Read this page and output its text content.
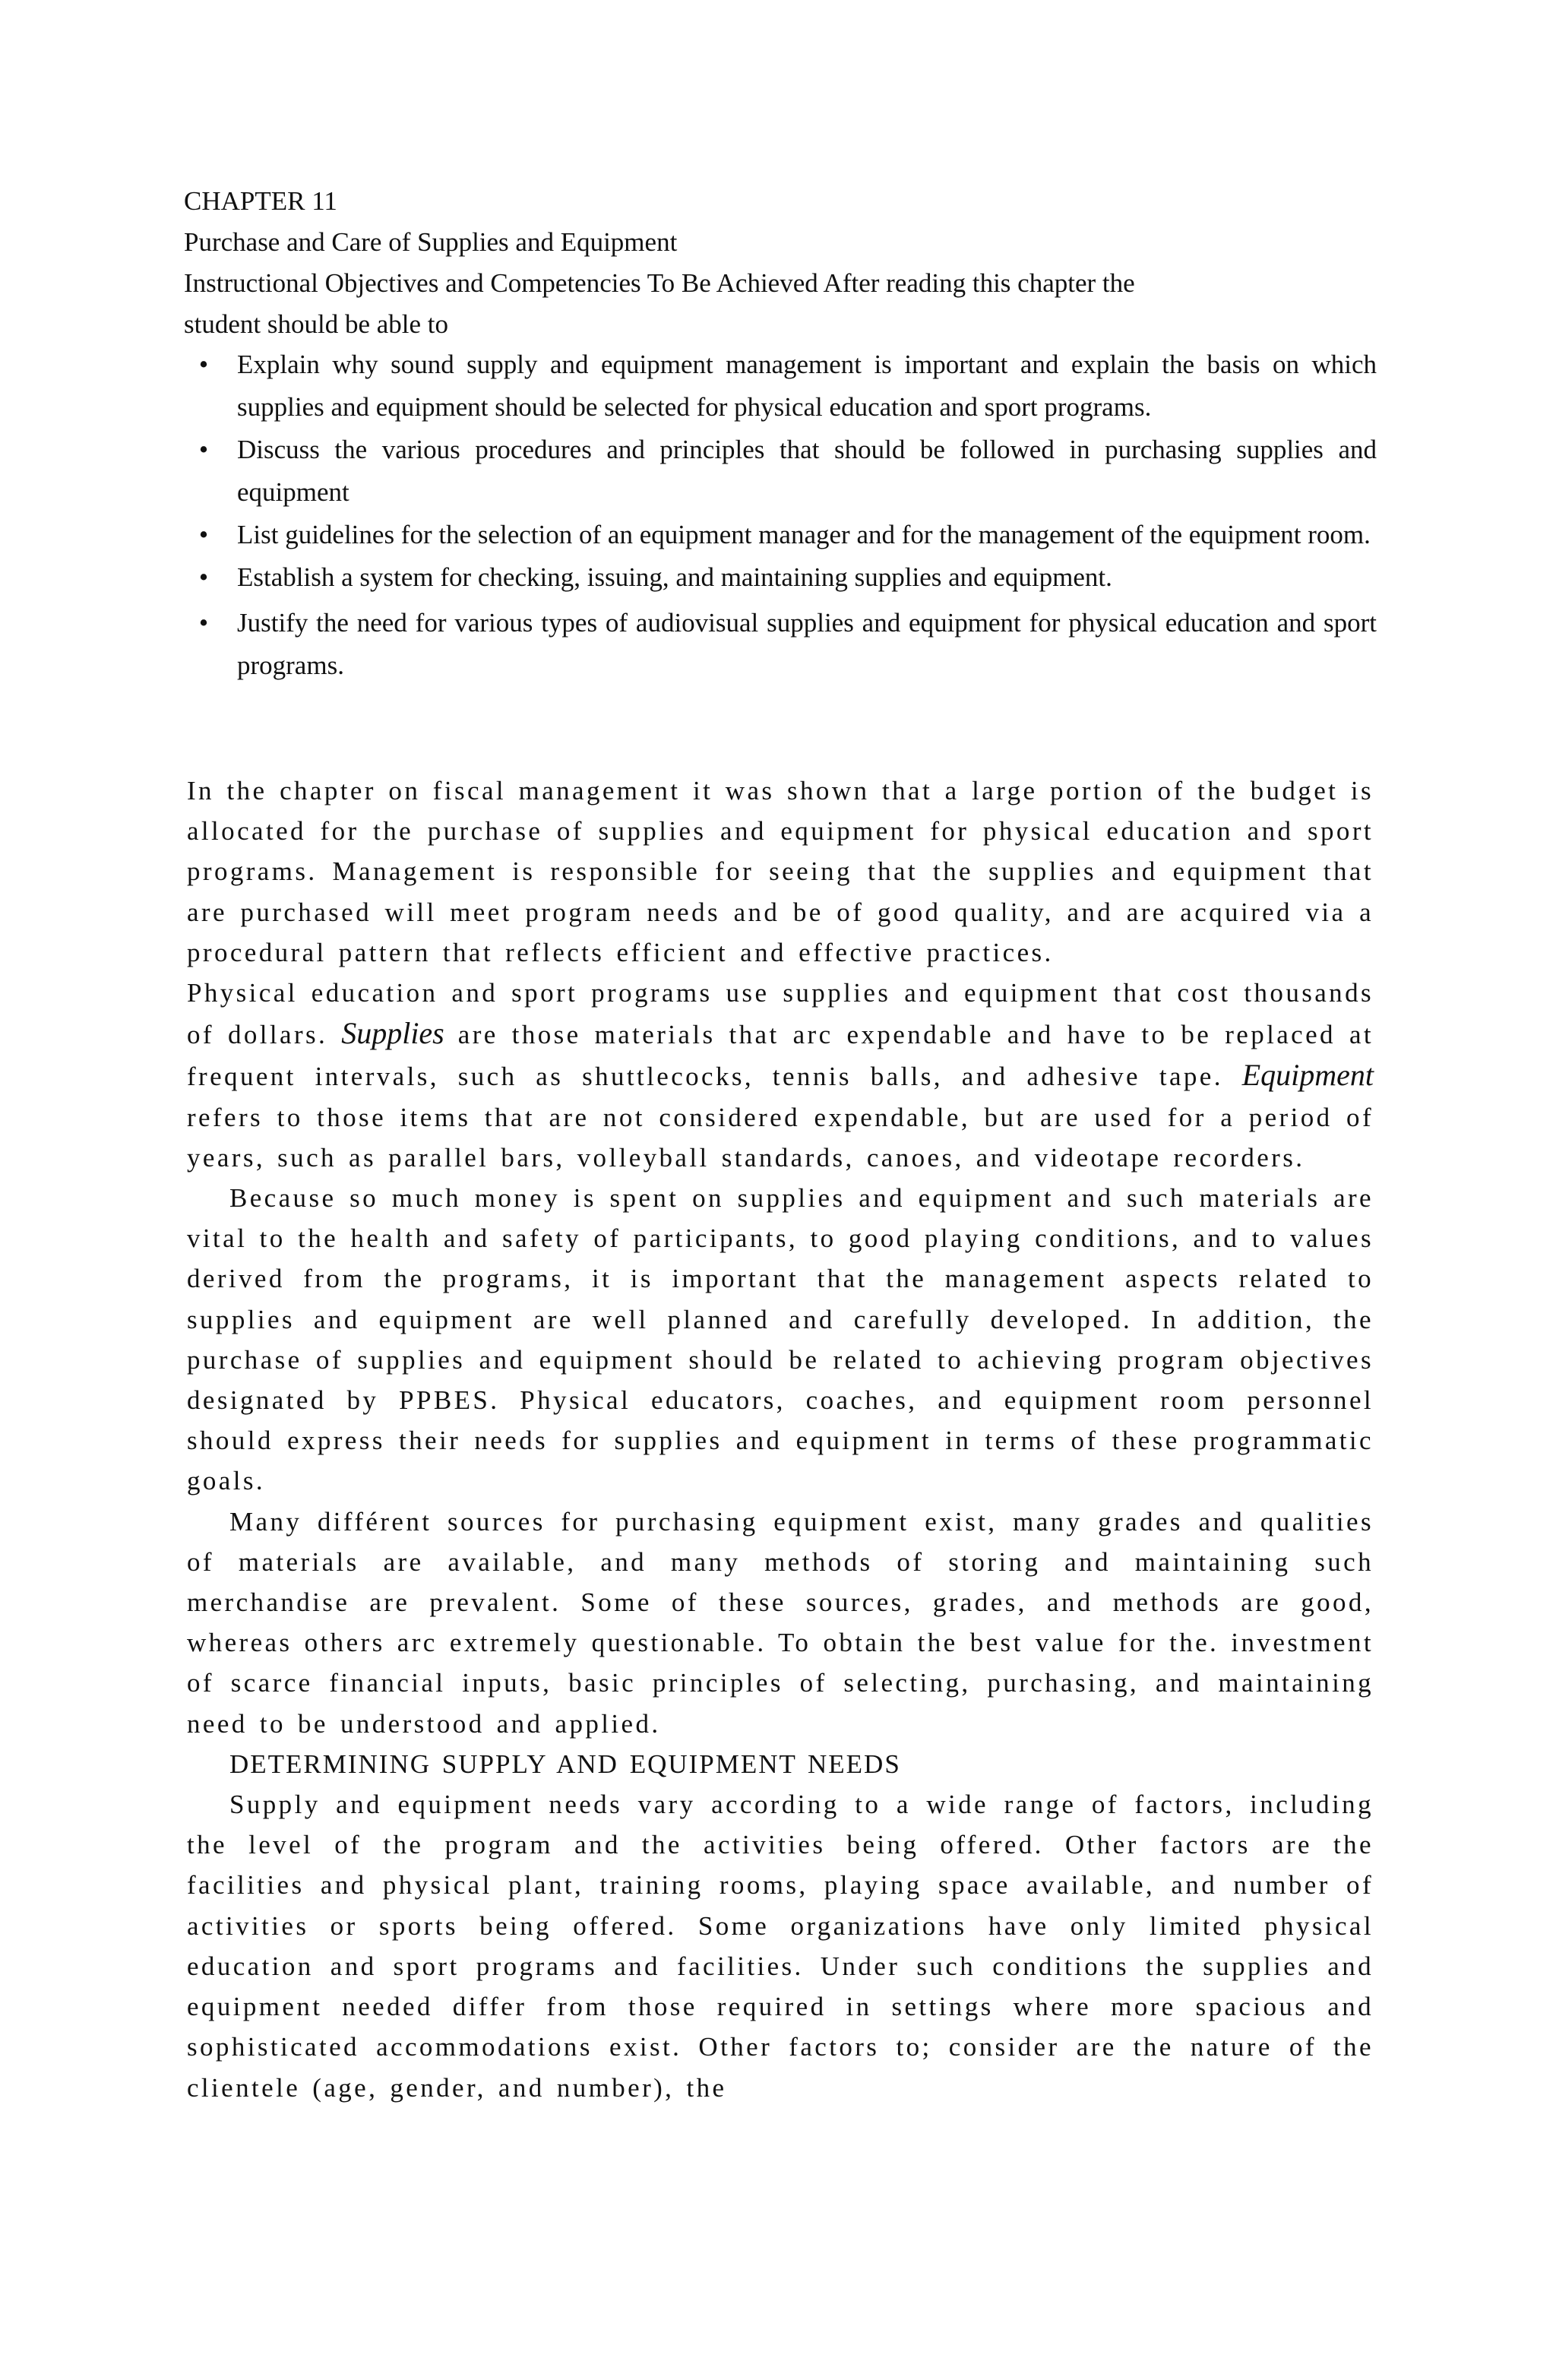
CHAPTER 11
Purchase and Care of Supplies and Equipment
Instructional Objectives and Competencies To Be Achieved After reading this chapter the
student should be able to
• Explain why sound supply and equipment management is important and explain the basis on which supplies and equipment should be selected for physical education and sport programs.
• Discuss the various procedures and principles that should be followed in purchasing supplies and equipment
• List guidelines for the selection of an equipment manager and for the management of the equipment room.
• Establish a system for checking, issuing, and maintaining supplies and equipment.
• Justify the need for various types of audiovisual supplies and equipment for physical education and sport programs.

In the chapter on fiscal management it was shown that a large portion of the budget is allocated for the purchase of supplies and equipment for physical education and sport programs. Management is responsible for seeing that the supplies and equipment that are purchased will meet program needs and be of good quality, and are acquired via a procedural pattern that reflects efficient and effective practices.

Physical education and sport programs use supplies and equipment that cost thousands of dollars. Supplies are those materials that arc expendable and have to be replaced at frequent intervals, such as shuttlecocks, tennis balls, and adhesive tape. Equipment refers to those items that are not considered expendable, but are used for a period of years, such as parallel bars, volleyball standards, canoes, and videotape recorders.

Because so much money is spent on supplies and equipment and such materials are vital to the health and safety of participants, to good playing conditions, and to values derived from the programs, it is important that the management aspects related to supplies and equipment are well planned and carefully developed. In addition, the purchase of supplies and equipment should be related to achieving program objectives designated by PPBES. Physical educators, coaches, and equipment room personnel should express their needs for supplies and equipment in terms of these programmatic goals.

Many différent sources for purchasing equipment exist, many grades and qualities of materials are available, and many methods of storing and maintaining such merchandise are prevalent. Some of these sources, grades, and methods are good, whereas others arc extremely questionable. To obtain the best value for the. investment of scarce financial inputs, basic principles of selecting, purchasing, and maintaining need to be understood and applied.

DETERMINING SUPPLY AND EQUIPMENT NEEDS

Supply and equipment needs vary according to a wide range of factors, including the level of the program and the activities being offered. Other factors are the facilities and physical plant, training rooms, playing space available, and number of activities or sports being offered. Some organizations have only limited physical education and sport programs and facilities. Under such conditions the supplies and equipment needed differ from those required in settings where more spacious and sophisticated accommodations exist. Other factors to; consider are the nature of the clientele (age, gender, and number), the
